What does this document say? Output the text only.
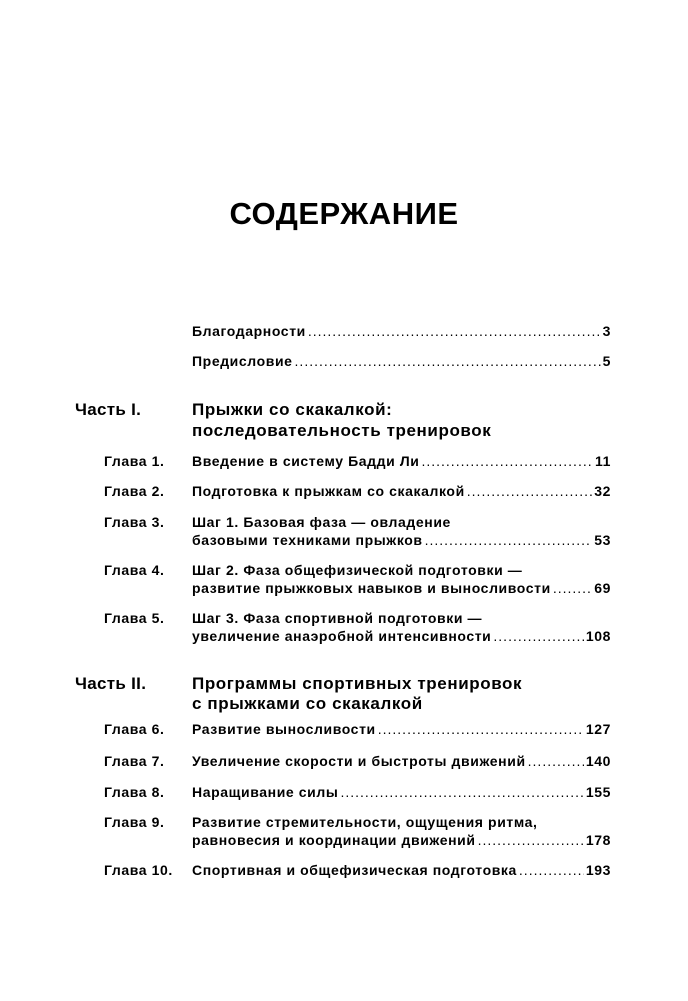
СОДЕРЖАНИЕ
Благодарности .....	3
Предисловие .....	5
Часть I.	Прыжки со скакалкой:
последовательность тренировок
Глава 1.	Введение в систему Бадди Ли .....	11
Глава 2.	Подготовка к прыжкам со скакалкой .....	32
Глава 3.	Шаг 1. Базовая фаза — овладение
базовыми техниками прыжков .....	53
Глава 4.	Шаг 2. Фаза общефизической подготовки —
развитие прыжковых навыков и выносливости .....	69
Глава 5.	Шаг 3. Фаза спортивной подготовки —
увеличение анаэробной интенсивности .....	108
Часть II.	Программы спортивных тренировок
с прыжками со скакалкой
Глава 6.	Развитие выносливости .....	127
Глава 7.	Увеличение скорости и быстроты движений .....	140
Глава 8.	Наращивание силы .....	155
Глава 9.	Развитие стремительности, ощущения ритма,
равновесия и координации движений .....	178
Глава 10.	Спортивная и общефизическая подготовка .....	193
